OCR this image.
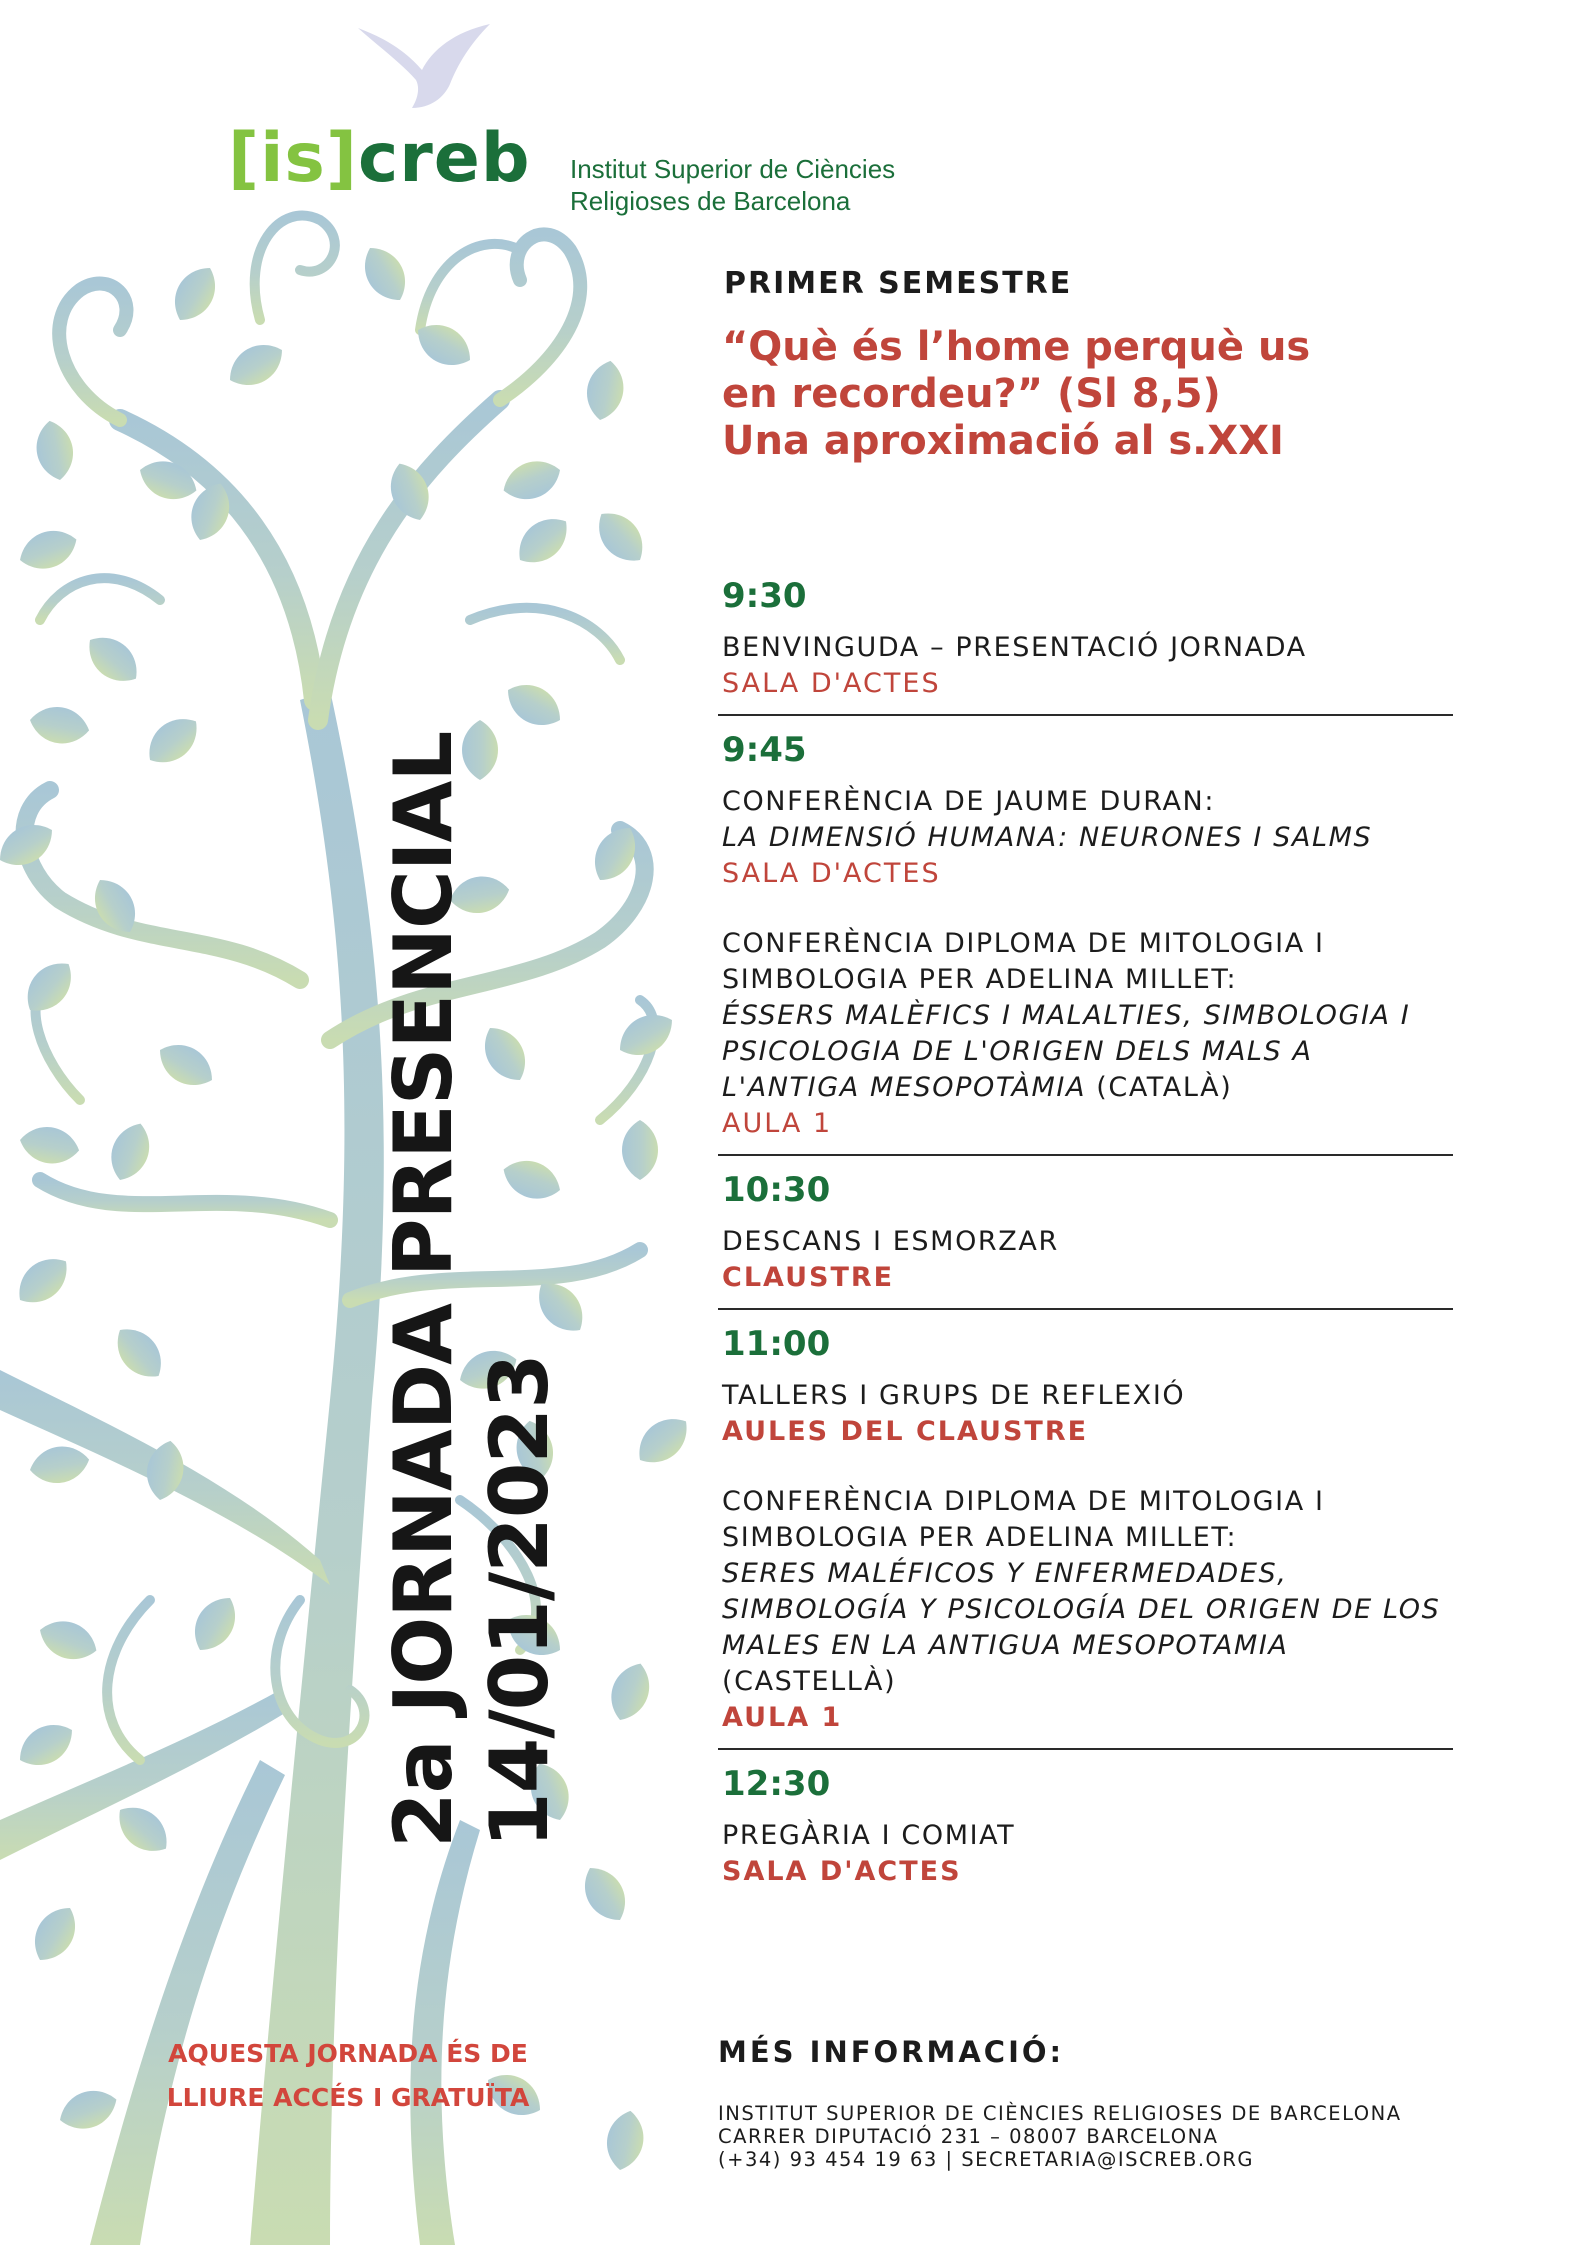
[is]creb Institut Superior de Ciències
Religioses de Barcelona
2a JORNADA PRESENCIAL 14/01/2023
PRIMER SEMESTRE
“Què és l’home perquè us
en recordeu?” (Sl 8,5)
Una aproximació al s.XXI
9:30
BENVINGUDA – PRESENTACIÓ JORNADA
SALA D'ACTES
9:45
CONFERÈNCIA DE JAUME DURAN:
LA DIMENSIÓ HUMANA: NEURONES I SALMS
SALA D'ACTES
CONFERÈNCIA DIPLOMA DE MITOLOGIA I SIMBOLOGIA PER ADELINA MILLET:
ÉSSERS MALÈFICS I MALALTIES, SIMBOLOGIA I PSICOLOGIA DE L'ORIGEN DELS MALS A L'ANTIGA MESOPOTÀMIA (CATALÀ)
AULA 1
10:30
DESCANS I ESMORZAR
CLAUSTRE
11:00
TALLERS I GRUPS DE REFLEXIÓ
AULES DEL CLAUSTRE
CONFERÈNCIA DIPLOMA DE MITOLOGIA I SIMBOLOGIA PER ADELINA MILLET:
SERES MALÉFICOS Y ENFERMEDADES, SIMBOLOGÍA Y PSICOLOGÍA DEL ORIGEN DE LOS MALES EN LA ANTIGUA MESOPOTAMIA
(CASTELLÀ)
AULA 1
12:30
PREGÀRIA I COMIAT
SALA D'ACTES
AQUESTA JORNADA ÉS DE
LLIURE ACCÉS I GRATUÏTA
MÉS INFORMACIÓ:
INSTITUT SUPERIOR DE CIÈNCIES RELIGIOSES DE BARCELONA
CARRER DIPUTACIÓ 231 – 08007 BARCELONA
(+34) 93 454 19 63 | SECRETARIA@ISCREB.ORG
